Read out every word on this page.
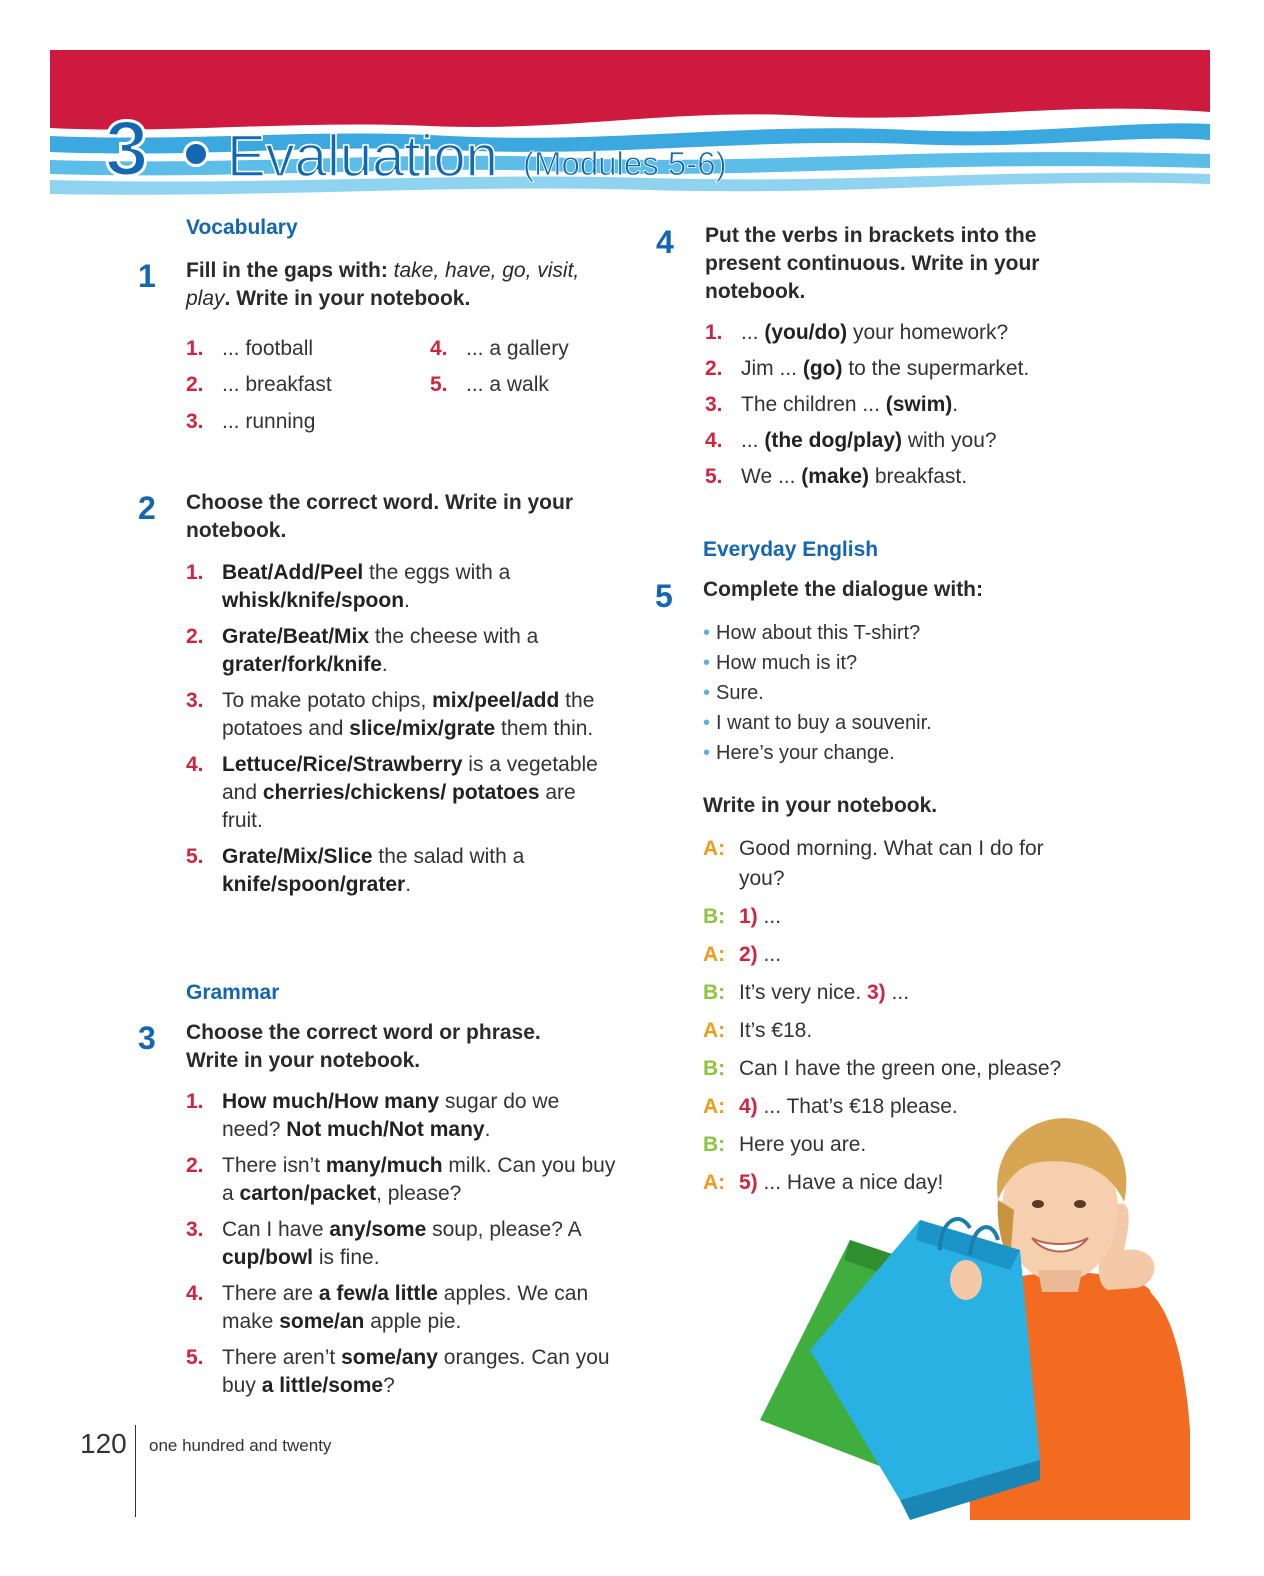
3 Evaluation (Modules 5-6)
Vocabulary
1 Fill in the gaps with: take, have, go, visit, play. Write in your notebook.
1. ... football
2. ... breakfast
3. ... running
4. ... a gallery
5. ... a walk
2 Choose the correct word. Write in your notebook.
1. Beat/Add/Peel the eggs with a whisk/knife/spoon.
2. Grate/Beat/Mix the cheese with a grater/fork/knife.
3. To make potato chips, mix/peel/add the potatoes and slice/mix/grate them thin.
4. Lettuce/Rice/Strawberry is a vegetable and cherries/chickens/ potatoes are fruit.
5. Grate/Mix/Slice the salad with a knife/spoon/grater.
Grammar
3 Choose the correct word or phrase. Write in your notebook.
1. How much/How many sugar do we need? Not much/Not many.
2. There isn’t many/much milk. Can you buy a carton/packet, please?
3. Can I have any/some soup, please? A cup/bowl is fine.
4. There are a few/a little apples. We can make some/an apple pie.
5. There aren’t some/any oranges. Can you buy a little/some?
4 Put the verbs in brackets into the present continuous. Write in your notebook.
1. ... (you/do) your homework?
2. Jim ... (go) to the supermarket.
3. The children ... (swim).
4. ... (the dog/play) with you?
5. We ... (make) breakfast.
Everyday English
5 Complete the dialogue with:
• How about this T-shirt?
• How much is it?
• Sure.
• I want to buy a souvenir.
• Here’s your change.
Write in your notebook.
A: Good morning. What can I do for you?
B: 1) ...
A: 2) ...
B: It’s very nice. 3) ...
A: It’s €18.
B: Can I have the green one, please?
A: 4) ... That’s €18 please.
B: Here you are.
A: 5) ... Have a nice day!
120 one hundred and twenty
